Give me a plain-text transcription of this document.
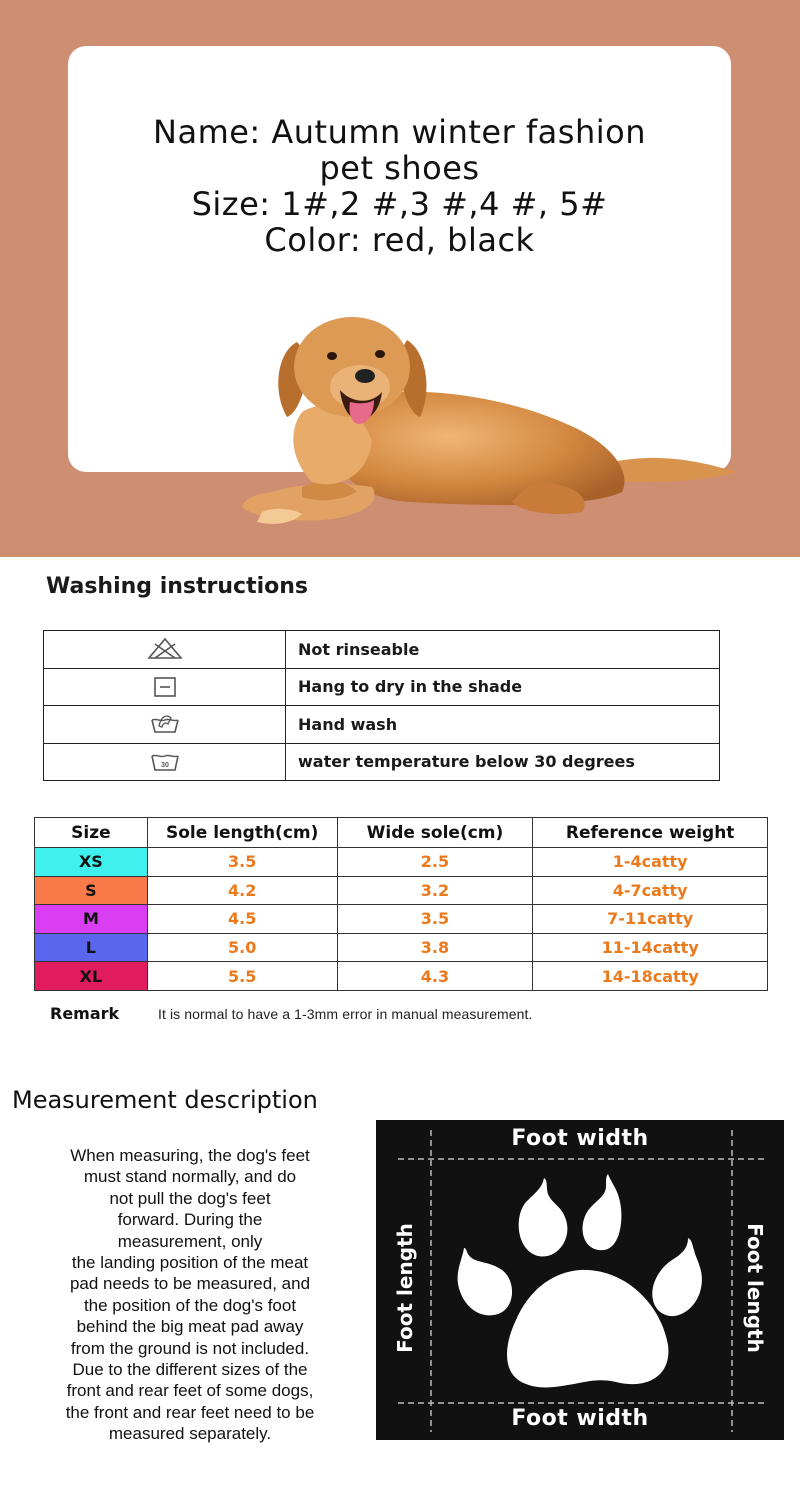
Name: Autumn winter fashion
pet shoes
Size: 1#,2 #,3 #,4 #, 5#
Color: red, black
Washing instructions
	Not rinseable
	Hang to dry in the shade
	Hand wash

30	water temperature below 30 degrees
Size	Sole length(cm)	Wide sole(cm)	Reference weight
XS	3.5	2.5	1-4catty
S	4.2	3.2	4-7catty
M	4.5	3.5	7-11catty
L	5.0	3.8	11-14catty
XL	5.5	4.3	14-18catty
Remark	It is normal to have a 1-3mm error in manual measurement.
Measurement description
When measuring, the dog's feet
must stand normally, and do
not pull the dog's feet
forward. During the
measurement, only
the landing position of the meat
pad needs to be measured, and
the position of the dog's foot
behind the big meat pad away
from the ground is not included.
Due to the different sizes of the
front and rear feet of some dogs,
the front and rear feet need to be
measured separately.
Foot width
Foot width
Foot length	Foot length
